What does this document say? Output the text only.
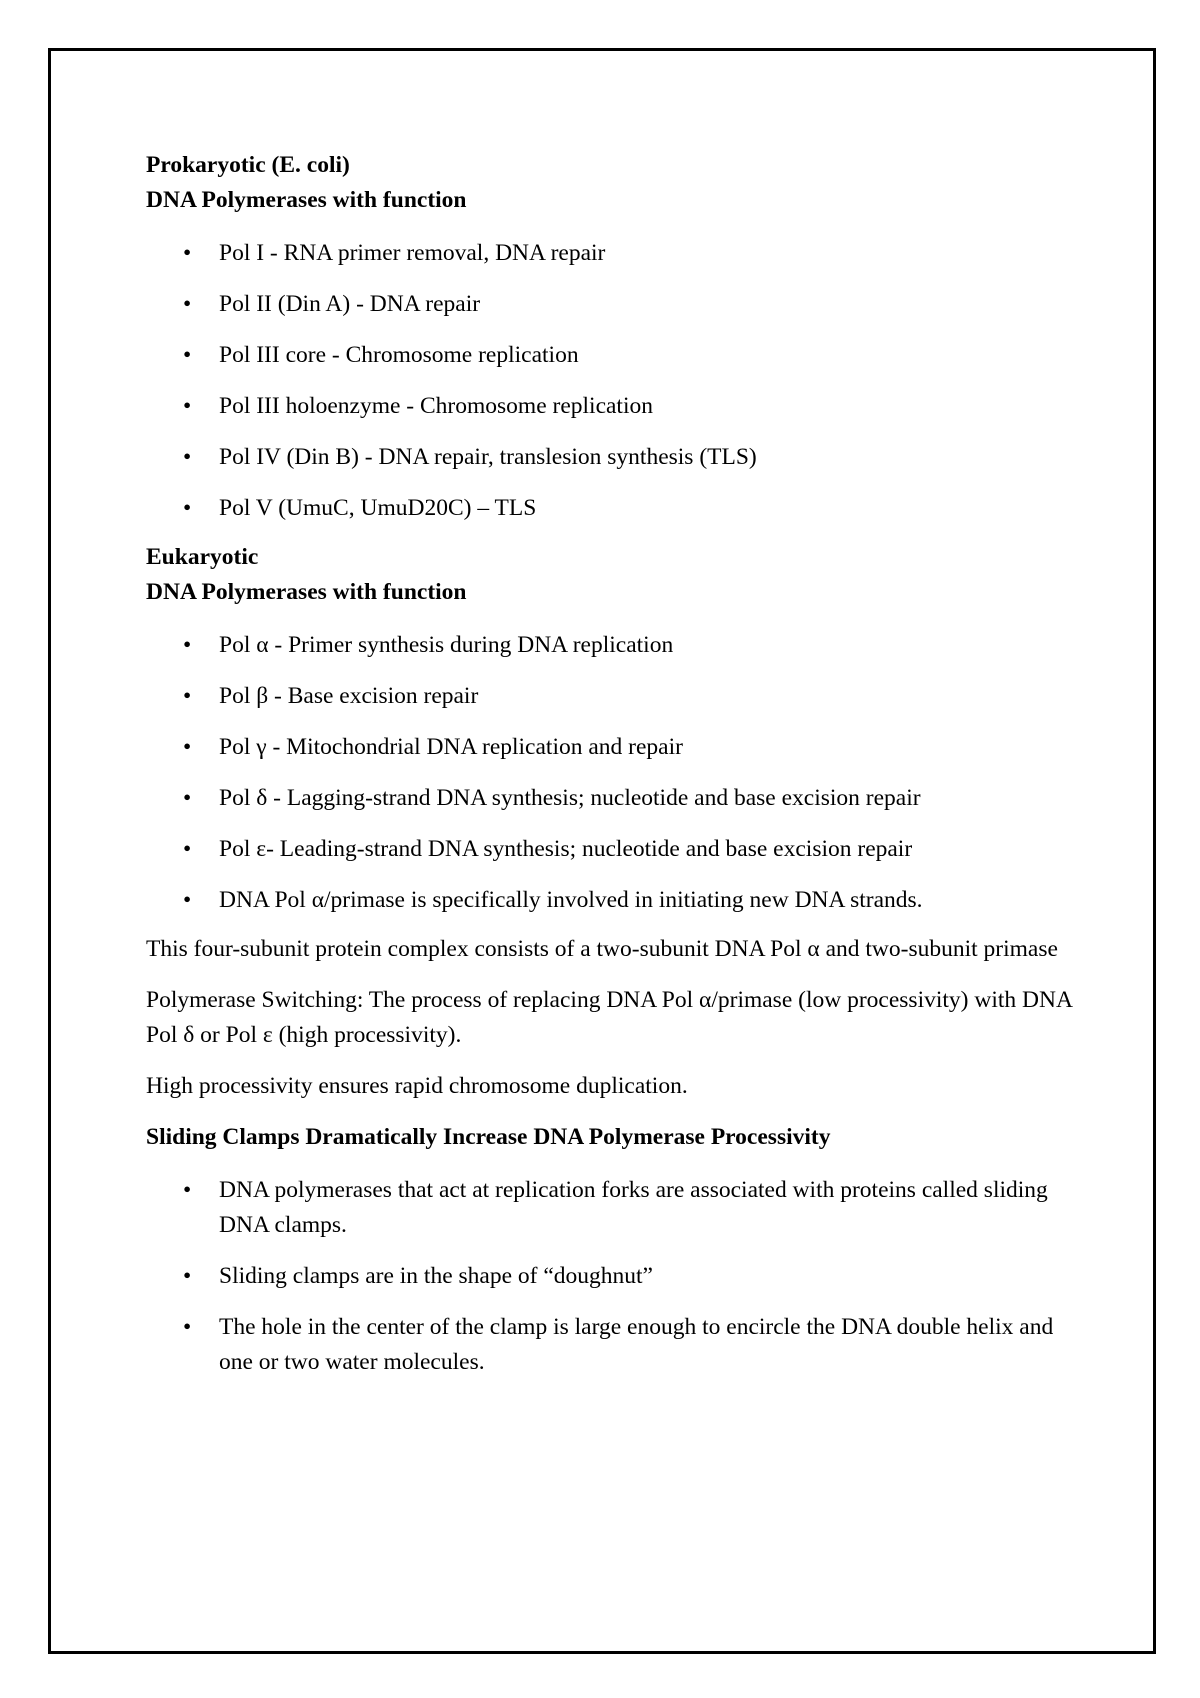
Prokaryotic (E. coli)

DNA Polymerases with function

• Pol I - RNA primer removal, DNA repair
• Pol II (Din A) - DNA repair
• Pol III core - Chromosome replication
• Pol III holoenzyme - Chromosome replication
• Pol IV (Din B) - DNA repair, translesion synthesis (TLS)
• Pol V (UmuC, UmuD20C) – TLS

Eukaryotic

DNA Polymerases with function

• Pol α - Primer synthesis during DNA replication
• Pol β - Base excision repair
• Pol γ - Mitochondrial DNA replication and repair
• Pol δ - Lagging-strand DNA synthesis; nucleotide and base excision repair
• Pol ε- Leading-strand DNA synthesis; nucleotide and base excision repair
• DNA Pol α/primase is specifically involved in initiating new DNA strands.

This four-subunit protein complex consists of a two-subunit DNA Pol α and two-subunit primase

Polymerase Switching: The process of replacing DNA Pol α/primase (low processivity) with DNA Pol δ or Pol ε (high processivity).

High processivity ensures rapid chromosome duplication.

Sliding Clamps Dramatically Increase DNA Polymerase Processivity

• DNA polymerases that act at replication forks are associated with proteins called sliding DNA clamps.
• Sliding clamps are in the shape of “doughnut”
• The hole in the center of the clamp is large enough to encircle the DNA double helix and one or two water molecules.
